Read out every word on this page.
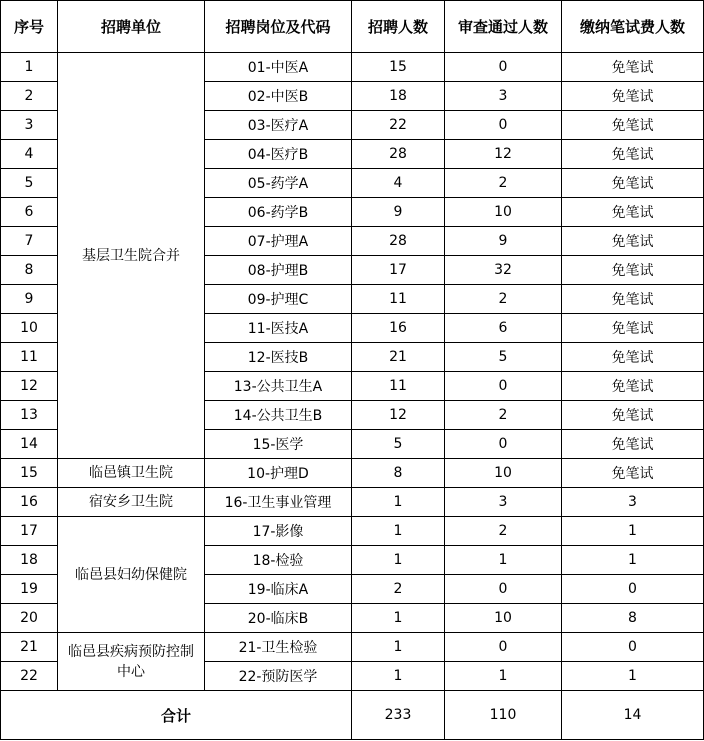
序号	招聘单位	招聘岗位及代码	招聘人数	审查通过人数	缴纳笔试费人数
1	基层卫生院合并	01-中医A	15	0	免笔试
2		02-中医B	18	3	免笔试
3		03-医疗A	22	0	免笔试
4		04-医疗B	28	12	免笔试
5		05-药学A	4	2	免笔试
6		06-药学B	9	10	免笔试
7		07-护理A	28	9	免笔试
8		08-护理B	17	32	免笔试
9		09-护理C	11	2	免笔试
10		11-医技A	16	6	免笔试
11		12-医技B	21	5	免笔试
12		13-公共卫生A	11	0	免笔试
13		14-公共卫生B	12	2	免笔试
14		15-医学	5	0	免笔试
15	临邑镇卫生院	10-护理D	8	10	免笔试
16	宿安乡卫生院	16-卫生事业管理	1	3	3
17	临邑县妇幼保健院	17-影像	1	2	1
18		18-检验	1	1	1
19		19-临床A	2	0	0
20		20-临床B	1	10	8
21	临邑县疾病预防控制中心	21-卫生检验	1	0	0
22		22-预防医学	1	1	1
合计			233	110	14
